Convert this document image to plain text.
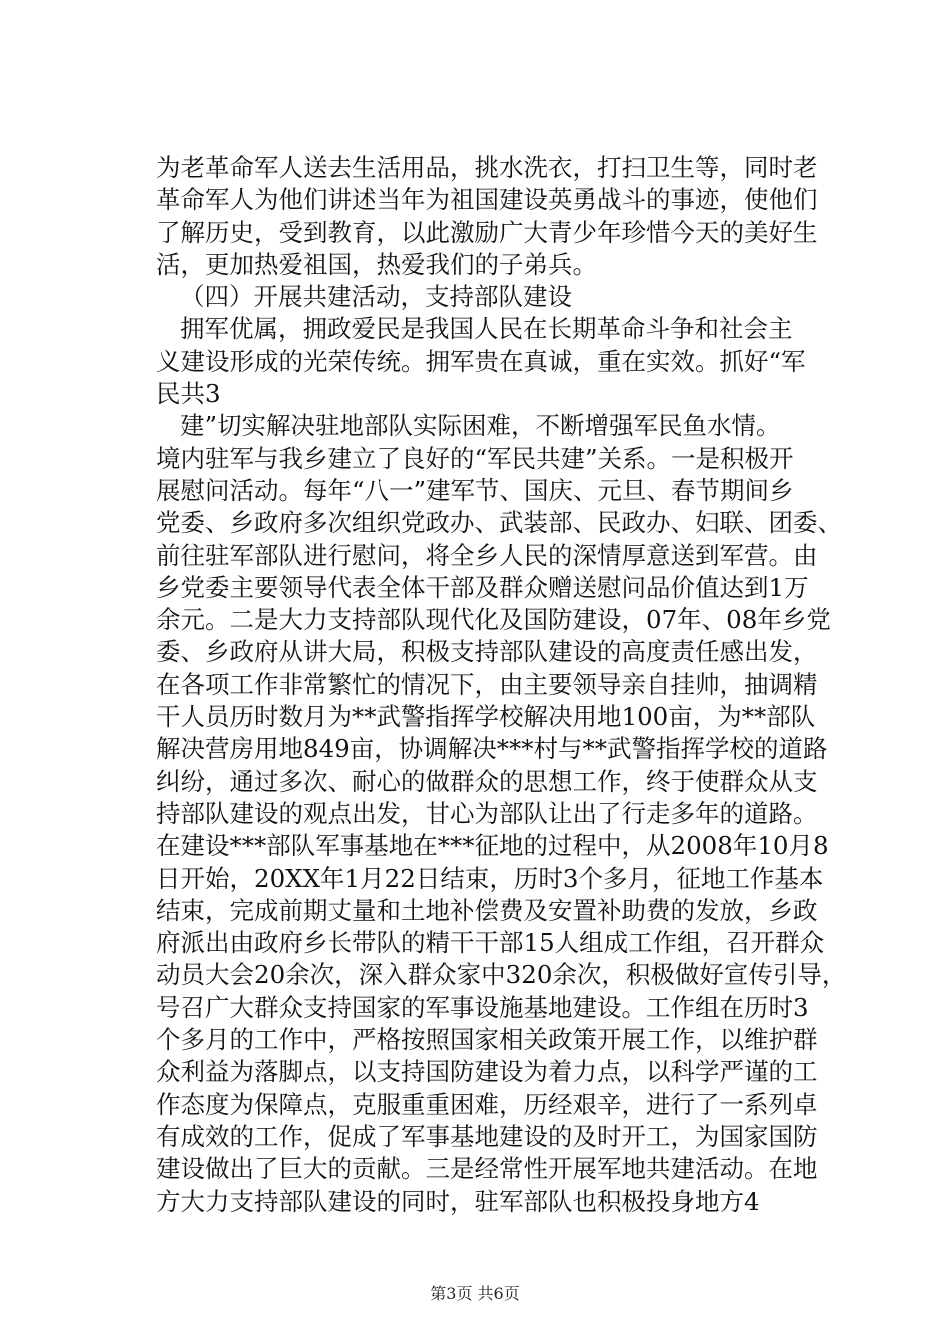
为老革命军人送去生活用品，挑水洗衣，打扫卫生等，同时老
革命军人为他们讲述当年为祖国建设英勇战斗的事迹，使他们
了解历史，受到教育，以此激励广大青少年珍惜今天的美好生
活，更加热爱祖国，热爱我们的子弟兵。
（四）开展共建活动，支持部队建设
拥军优属，拥政爱民是我国人民在长期革命斗争和社会主
义建设形成的光荣传统。拥军贵在真诚，重在实效。抓好“军
民共3
建”切实解决驻地部队实际困难，不断增强军民鱼水情。
境内驻军与我乡建立了良好的“军民共建”关系。一是积极开
展慰问活动。每年“八一”建军节、国庆、元旦、春节期间乡
党委、乡政府多次组织党政办、武装部、民政办、妇联、团委、
前往驻军部队进行慰问，将全乡人民的深情厚意送到军营。由
乡党委主要领导代表全体干部及群众赠送慰问品价值达到1万
余元。二是大力支持部队现代化及国防建设，07年、08年乡党
委、乡政府从讲大局，积极支持部队建设的高度责任感出发，
在各项工作非常繁忙的情况下，由主要领导亲自挂帅，抽调精
干人员历时数月为**武警指挥学校解决用地100亩，为**部队
解决营房用地849亩，协调解决***村与**武警指挥学校的道路
纠纷，通过多次、耐心的做群众的思想工作，终于使群众从支
持部队建设的观点出发，甘心为部队让出了行走多年的道路。
在建设***部队军事基地在***征地的过程中，从2008年10月8
日开始，20XX年1月22日结束，历时3个多月，征地工作基本
结束，完成前期丈量和土地补偿费及安置补助费的发放，乡政
府派出由政府乡长带队的精干干部15人组成工作组，召开群众
动员大会20余次，深入群众家中320余次，积极做好宣传引导，
号召广大群众支持国家的军事设施基地建设。工作组在历时3
个多月的工作中，严格按照国家相关政策开展工作，以维护群
众利益为落脚点，以支持国防建设为着力点，以科学严谨的工
作态度为保障点，克服重重困难，历经艰辛，进行了一系列卓
有成效的工作，促成了军事基地建设的及时开工，为国家国防
建设做出了巨大的贡献。三是经常性开展军地共建活动。在地
方大力支持部队建设的同时，驻军部队也积极投身地方4
第3页 共6页
